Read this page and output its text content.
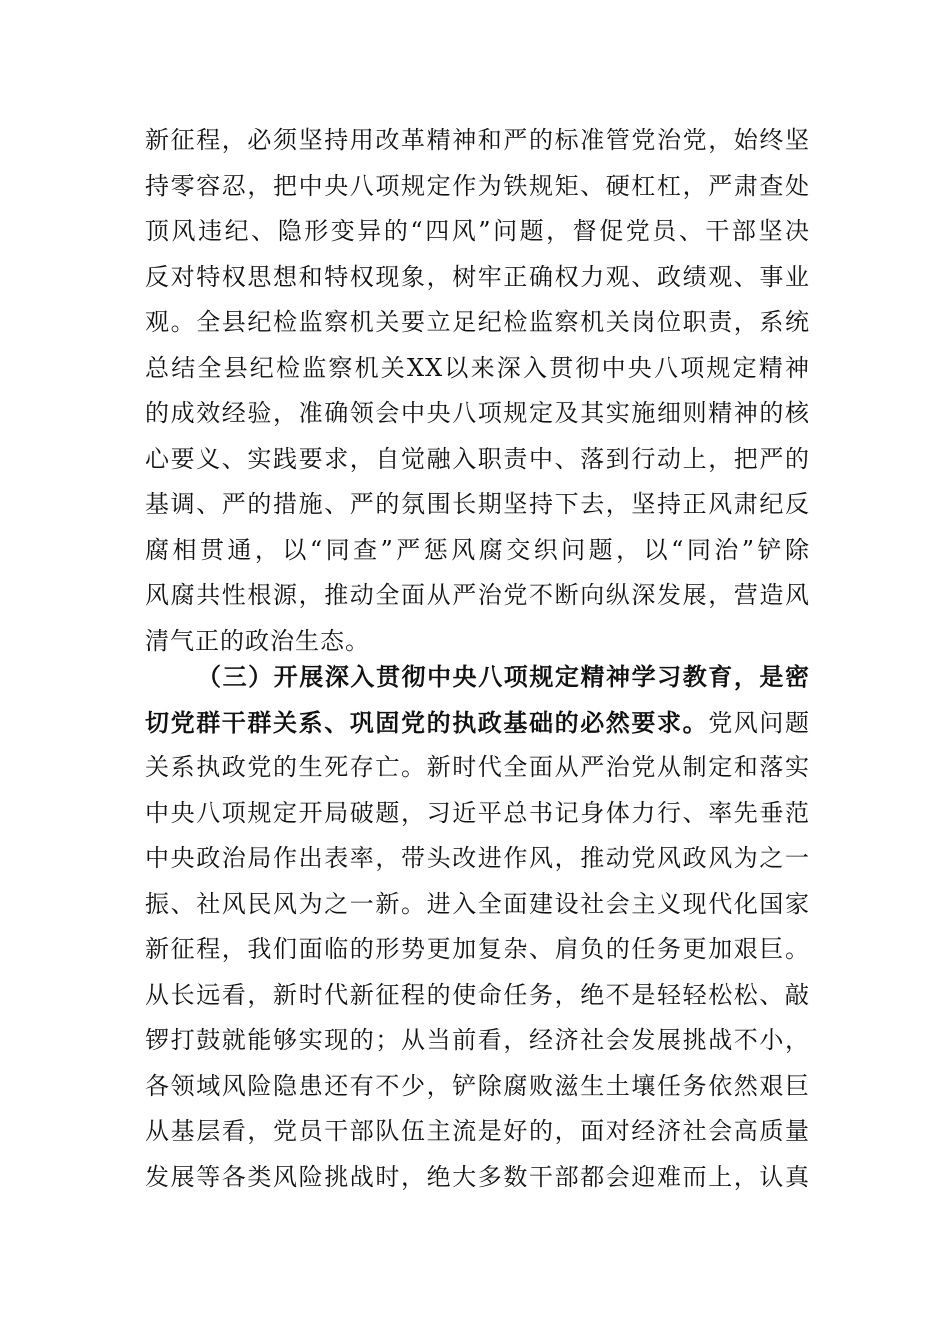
新征程，必须坚持用改革精神和严的标准管党治党，始终坚
持零容忍，把中央八项规定作为铁规矩、硬杠杠，严肃查处
顶风违纪、隐形变异的“四风”问题，督促党员、干部坚决
反对特权思想和特权现象，树牢正确权力观、政绩观、事业
观。全县纪检监察机关要立足纪检监察机关岗位职责，系统
总结全县纪检监察机关XX以来深入贯彻中央八项规定精神
的成效经验，准确领会中央八项规定及其实施细则精神的核
心要义、实践要求，自觉融入职责中、落到行动上，把严的
基调、严的措施、严的氛围长期坚持下去，坚持正风肃纪反
腐相贯通，以“同查”严惩风腐交织问题，以“同治”铲除
风腐共性根源，推动全面从严治党不断向纵深发展，营造风
清气正的政治生态。
（三）开展深入贯彻中央八项规定精神学习教育，是密
切党群干群关系、巩固党的执政基础的必然要求。党风问题
关系执政党的生死存亡。新时代全面从严治党从制定和落实
中央八项规定开局破题，习近平总书记身体力行、率先垂范
中央政治局作出表率，带头改进作风，推动党风政风为之一
振、社风民风为之一新。进入全面建设社会主义现代化国家
新征程，我们面临的形势更加复杂、肩负的任务更加艰巨。
从长远看，新时代新征程的使命任务，绝不是轻轻松松、敲
锣打鼓就能够实现的；从当前看，经济社会发展挑战不小，
各领域风险隐患还有不少，铲除腐败滋生土壤任务依然艰巨
从基层看，党员干部队伍主流是好的，面对经济社会高质量
发展等各类风险挑战时，绝大多数干部都会迎难而上，认真
